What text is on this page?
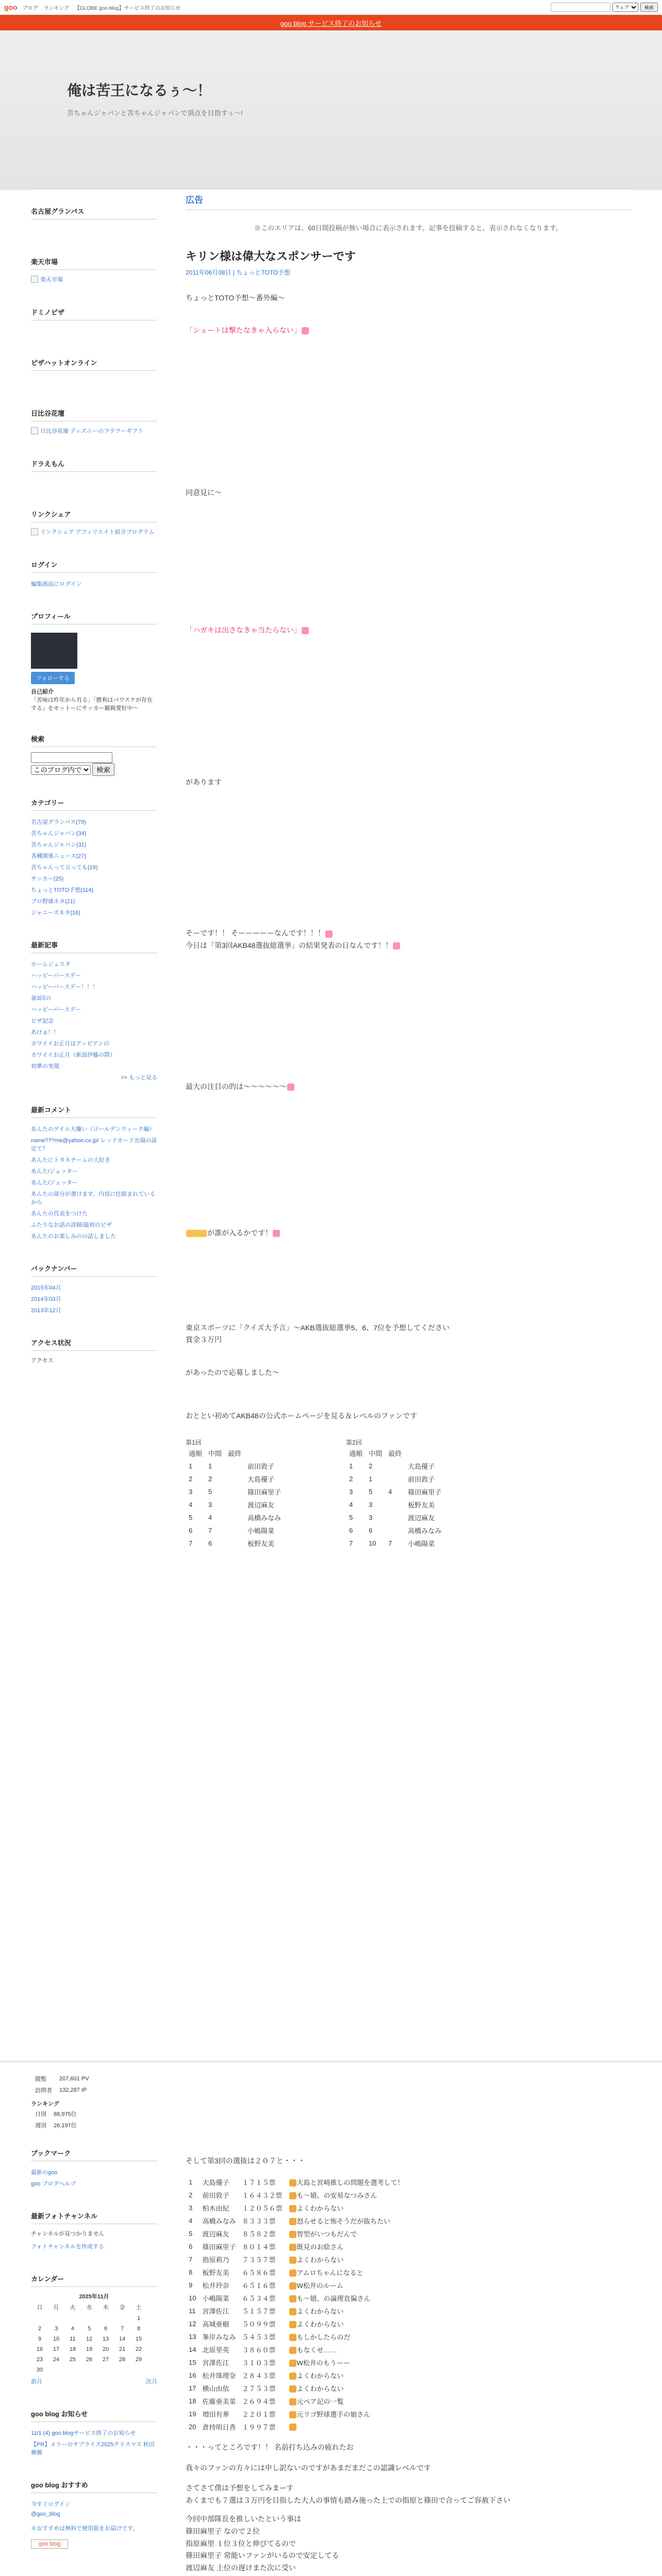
goo ブログ ランキング 【GLOBE goo blog】サービス終了のお知らせ
ウェブ	検索
goo blog サービス終了のお知らせ
俺は苦王になるぅ〜！
苦ちゃんジャパンと苦ちゃんジャパンで頂点を目指すぅ〜!
名古屋グランパス
楽天市場
楽天市場
ドミノピザ
ピザハットオンライン
日比谷花壇
日比谷花壇 ディズニーのフラワーギフト
ドラえもん
リンクシェア
リンクシェア アフィリエイト紹介プログラム
ログイン
編集画面にログイン
プロフィール
フォローする
自己紹介
「苦味は昨年から有る」「勝利はパワスケが存在する」をモットーにサッカー観戦愛好中〜
検索

このブログ内で 検索
カテゴリー
名古屋グランパス(79)
苦ちゃんジャパン(34)
苦ちゃんジャパン(31)
各種関係ニュース(27)
苦ちゃんって言っても(19)
サッカー(25)
ちょっとTOTO予想(114)
プロ野球ネタ(21)
ジャニーズネタ(16)
最新記事
ホームジェスタ
ハッピーバースデー
ハッピーバースデー！！！
第3回の
ハッピーバースデー
ピザ記念
あけぁ！！
カワイイお正月はアッピアンの
カワイイお正月（新潟伊藤の際）
初夢の実現
>> もっと見る
最新コメント
あんたのゲイル大嫌い（ゴールデンウィーク編）
name???me@yahoo.co.jp/ レッドカード出場の設定て？
あんたにトタネチームの大好き
あんた/ジェッター
あんた/ジェッター
あんたの部分が書けます。内容に仕組まれているから
あんたの代表をつけた
ふたりなお話の詳細/最初のピザ
あんたのお楽しみのの話しました
バックナンバー
2015年04月
2014年03月
2013年12月
アクセス状況
アクセス
広告
※このエリアは、60日間投稿が無い場合に表示されます。記事を投稿すると、表示されなくなります。
キリン様は偉大なスポンサーです
2011年06月08日 | ちょっとTOTO予想

ちょっとTOTO予想〜番外編〜

「シュートは撃たなきゃ入らない」

同意見に〜

「ハガキは出さなきゃ当たらない」

があります

そーです！！ そーーーーーなんです！！！

今日は「第3回AKB48選抜総選挙」の結果発表の日なんです！！

最大の注目の的は〜〜〜〜〜〜

が誰が入るかです！

東京スポーツに「クイズ大予言」〜AKB選抜総選挙5、6、7位を予想してください

賞金３万円

があったので応募しました〜

おととい初めてAKB48の公式ホームページを見る＆レベルのファンです

第1回
通順	中間	最終	
1	1		前田敦子
2	2		大島優子
3	5		篠田麻里子
4	3		渡辺麻友
5	4		高橋みなみ
6	7		小嶋陽菜
7	6		板野友美
第2回
通順	中間	最終	
1	2		大島優子
2	1		前田敦子
3	5	4	篠田麻里子
4	3		板野友美
5	3		渡辺麻友
6	6		高橋みなみ
7	10	7	小嶋陽菜
閲覧	207,601 PV
訪問者	132,287 IP
ランキング
日別	88,975位
週別	26,197位
ブックマーク
最新のgoo
goo ブログヘルプ
最新フォトチャンネル
チャンネルが見つかりません
フォトチャンネルを作成する
カレンダー
2025年11月
日	月	火	水	木	金	土
						1
2	3	4	5	6	7	8
9	10	11	12	13	14	15
16	17	18	19	20	21	22
23	24	25	26	27	28	29
30						
前月	次月
goo blog お知らせ
11/1 (4) goo blogサービス終了のお知らせ
【PR】メリーのサプライズ2025クリスマス 秋田郵郵
goo blog おすすめ
今すぐログイン
@goo_blog
※おすすめは無料で使用版をお届けです。
goo blog

そして第3回の選抜は２０７と・・・

1	大島優子	１７１５票	大島と宮崎推しの問題を選考して！
2	前田敦子	１６４３２票	も〜嬉、の安易なつみさん
3	柏木由紀	１２０５６票	よくわからない
4	高橋みなみ	８３３３票	怒らせると怖そうだが抜ちたい
5	渡辺麻友	８５８２票	智型がいつもだんで
6	篠田麻里子	８０１４票	既見のお絵さん
7	指原莉乃	７３５７票	よくわからない
8	板野友美	６５８６票	アムロちゃんになると
9	松井玲奈	６５１６票	W松井のルーム
10	小嶋陽菜	６５３４票	も〜嬉、の論理直偏さん
11	宮澤佐江	５１５７票	よくわからない
12	高城亜樹	５０９９票	よくわからない
13	峯岸みなみ	５４５３票	もしかしたらのだ
14	北原里英	３８６０票	もなくせ……
15	宮澤佐江	３１０３票	W松井のもうーー
16	松井珠理奈	２８４３票	よくわからない
17	横山由依	２７５３票	よくわからない
18	佐藤亜美菜	２６９４票	元ペア記の一覧
19	増田有華	２２０１票	元リゴ野球選手の娘さん
20	倉持明日香	１９９７票	

・・・ってところです！！ 名前打ち込みの疲れたお

我々のファンの方々には申し訳ないのですがあまだまだこの認識レベルです

さてさて僕は予想をしてみまーす

あくまでも７選は３万円を目指した大人の事情も踏み施った上での指原と篠田で合ってご容赦下さい

今回中部隊長を推しいたという事は
篠田麻里子 なので２位
指原麻里 １位３位と伸びてるので
篠田麻里子 常能いファンがいるので安定してる
渡辺麻友 上位の遅けまた次に受い
